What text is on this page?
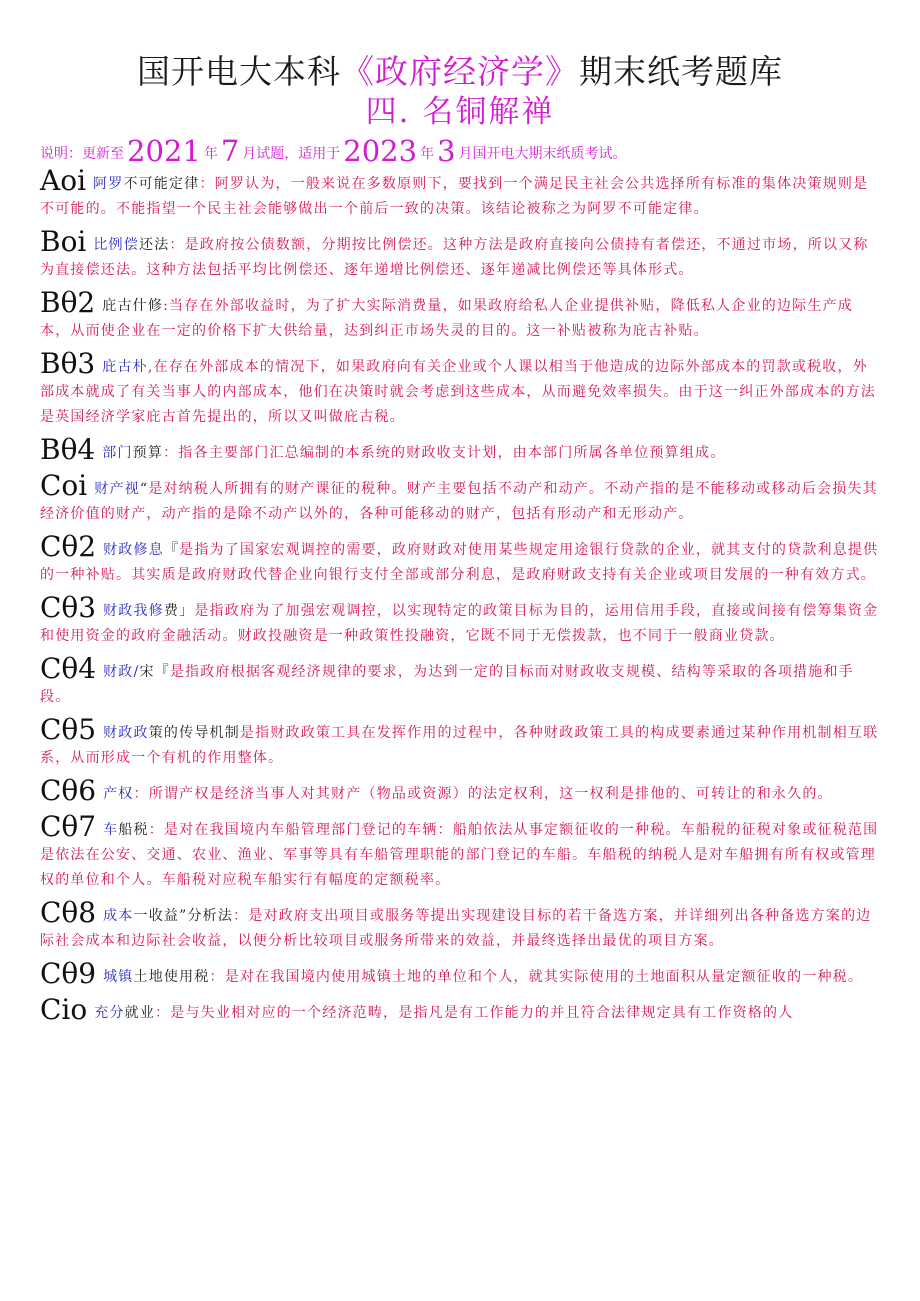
国开电大本科《政府经济学》期末纸考题库
四. 名铜解禅
说明：更新至 2021 年 7 月试题，适用于 2023 年 3 月国开电大期末纸质考试。
Aoi 阿罗不可能定律：阿罗认为，一般来说在多数原则下，要找到一个满足民主社会公共选择所有标准的集体决策规则是不可能的。不能指望一个民主社会能够做出一个前后一致的决策。该结论被称之为阿罗不可能定律。
Boi 比例偿还法：是政府按公债数额，分期按比例偿还。这种方法是政府直接向公债持有者偿还，不通过市场，所以又称为直接偿还法。这种方法包括平均比例偿还、逐年递增比例偿还、逐年递减比例偿还等具体形式。
Bθ2 庇古什修:当存在外部收益时，为了扩大实际消费量，如果政府给私人企业提供补贴，降低私人企业的边际生产成本，从而使企业在一定的价格下扩大供给量，达到纠正市场失灵的目的。这一补贴被称为庇古补贴。
Bθ3 庇古朴,在存在外部成本的情况下，如果政府向有关企业或个人课以相当于他造成的边际外部成本的罚款或税收，外部成本就成了有关当事人的内部成本，他们在决策时就会考虑到这些成本，从而避免效率损失。由于这一纠正外部成本的方法是英国经济学家庇古首先提出的，所以又叫做庇古税。
Bθ4 部门预算：指各主要部门汇总编制的本系统的财政收支计划，由本部门所属各单位预算组成。
Coi 财产视“是对纳税人所拥有的财产课征的税种。财产主要包括不动产和动产。不动产指的是不能移动或移动后会损失其经济价值的财产，动产指的是除不动产以外的，各种可能移动的财产，包括有形动产和无形动产。
Cθ2 财政修息『是指为了国家宏观调控的需要，政府财政对使用某些规定用途银行贷款的企业，就其支付的贷款利息提供的一种补贴。其实质是政府财政代替企业向银行支付全部或部分利息，是政府财政支持有关企业或项目发展的一种有效方式。
Cθ3 财政我修费」是指政府为了加强宏观调控，以实现特定的政策目标为目的，运用信用手段，直接或间接有偿筹集资金和使用资金的政府金融活动。财政投融资是一种政策性投融资，它既不同于无偿拨款，也不同于一般商业贷款。
Cθ4 财政/宋『是指政府根据客观经济规律的要求，为达到一定的目标而对财政收支规模、结构等采取的各项措施和手段。
Cθ5 财政政策的传导机制是指财政政策工具在发挥作用的过程中，各种财政政策工具的构成要素通过某种作用机制相互联系，从而形成一个有机的作用整体。
Cθ6 产权：所谓产权是经济当事人对其财产（物品或资源）的法定权利，这一权利是排他的、可转让的和永久的。
Cθ7 车船税：是对在我国境内车船管理部门登记的车辆：船舶依法从事定额征收的一种税。车船税的征税对象或征税范围是依法在公安、交通、农业、渔业、军事等具有车船管理职能的部门登记的车船。车船税的纳税人是对车船拥有所有权或管理权的单位和个人。车船税对应税车船实行有幅度的定额税率。
Cθ8 成本一收益”分析法：是对政府支出项目或服务等提出实现建设目标的若干备选方案，并详细列出各种备选方案的边际社会成本和边际社会收益，以便分析比较项目或服务所带来的效益，并最终选择出最优的项目方案。
Cθ9 城镇土地使用税：是对在我国境内使用城镇土地的单位和个人，就其实际使用的土地面积从量定额征收的一种税。
Cio 充分就业：是与失业相对应的一个经济范畴，是指凡是有工作能力的并且符合法律规定具有工作资格的人
